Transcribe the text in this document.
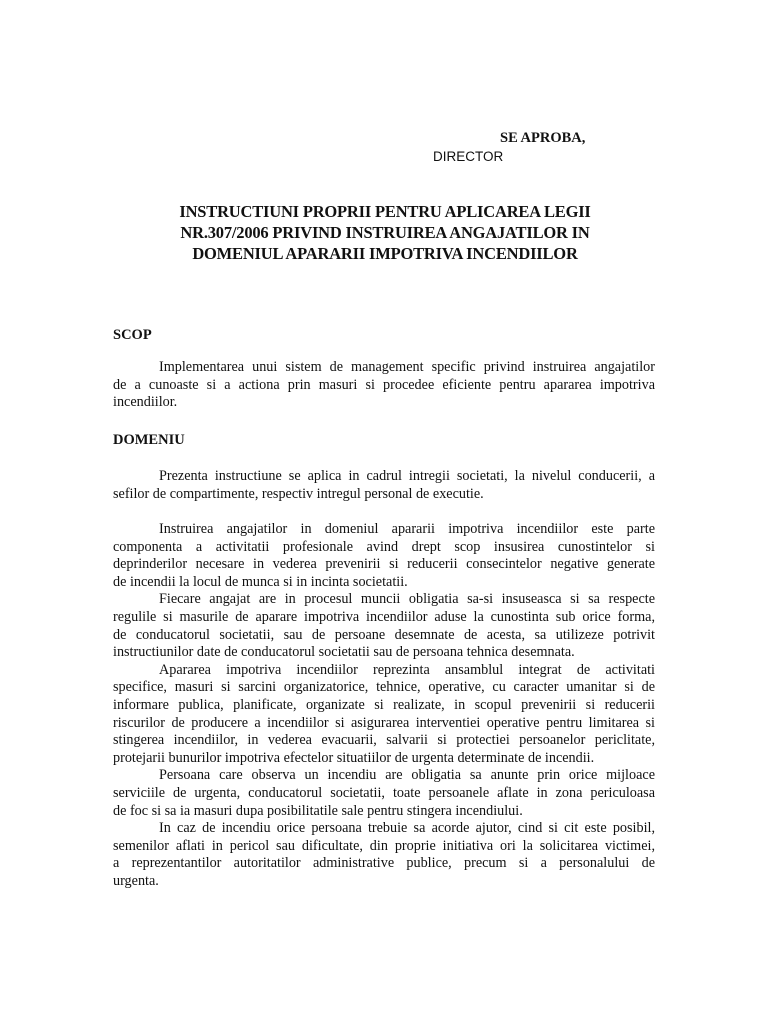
SE APROBA,
DIRECTOR
INSTRUCTIUNI PROPRII PENTRU APLICAREA LEGII
NR.307/2006 PRIVIND INSTRUIREA ANGAJATILOR IN
DOMENIUL APARARII IMPOTRIVA INCENDIILOR
SCOP
Implementarea unui sistem de management specific privind instruirea angajatilor
de a cunoaste si a actiona prin masuri si procedee eficiente pentru apararea impotriva
incendiilor.
DOMENIU
Prezenta instructiune se aplica in cadrul intregii societati, la nivelul conducerii, a
sefilor de compartimente, respectiv intregul personal de executie.
Instruirea angajatilor in domeniul apararii impotriva incendiilor este parte
componenta a activitatii profesionale avind drept scop insusirea cunostintelor si
deprinderilor necesare in vederea prevenirii si reducerii consecintelor negative generate
de incendii la locul de munca si in incinta societatii.
Fiecare angajat are in procesul muncii obligatia sa-si insuseasca si sa respecte
regulile si masurile de aparare impotriva incendiilor aduse la cunostinta sub orice forma,
de conducatorul societatii, sau de persoane desemnate de acesta, sa utilizeze potrivit
instructiunilor date de conducatorul societatii sau de persoana tehnica desemnata.
Apararea impotriva incendiilor reprezinta ansamblul integrat de activitati
specifice, masuri si sarcini organizatorice, tehnice, operative, cu caracter umanitar si de
informare publica, planificate, organizate si realizate, in scopul prevenirii si reducerii
riscurilor de producere a incendiilor si asigurarea interventiei operative pentru limitarea si
stingerea incendiilor, in vederea evacuarii, salvarii si protectiei persoanelor periclitate,
protejarii bunurilor impotriva efectelor situatiilor de urgenta determinate de incendii.
Persoana care observa un incendiu are obligatia sa anunte prin orice mijloace
serviciile de urgenta, conducatorul societatii, toate persoanele aflate in zona periculoasa
de foc si sa ia masuri dupa posibilitatile sale pentru stingera incendiului.
In caz de incendiu orice persoana trebuie sa acorde ajutor, cind si cit este posibil,
semenilor aflati in pericol sau dificultate, din proprie initiativa ori la solicitarea victimei,
a reprezentantilor autoritatilor administrative publice, precum si a personalului de
urgenta.
